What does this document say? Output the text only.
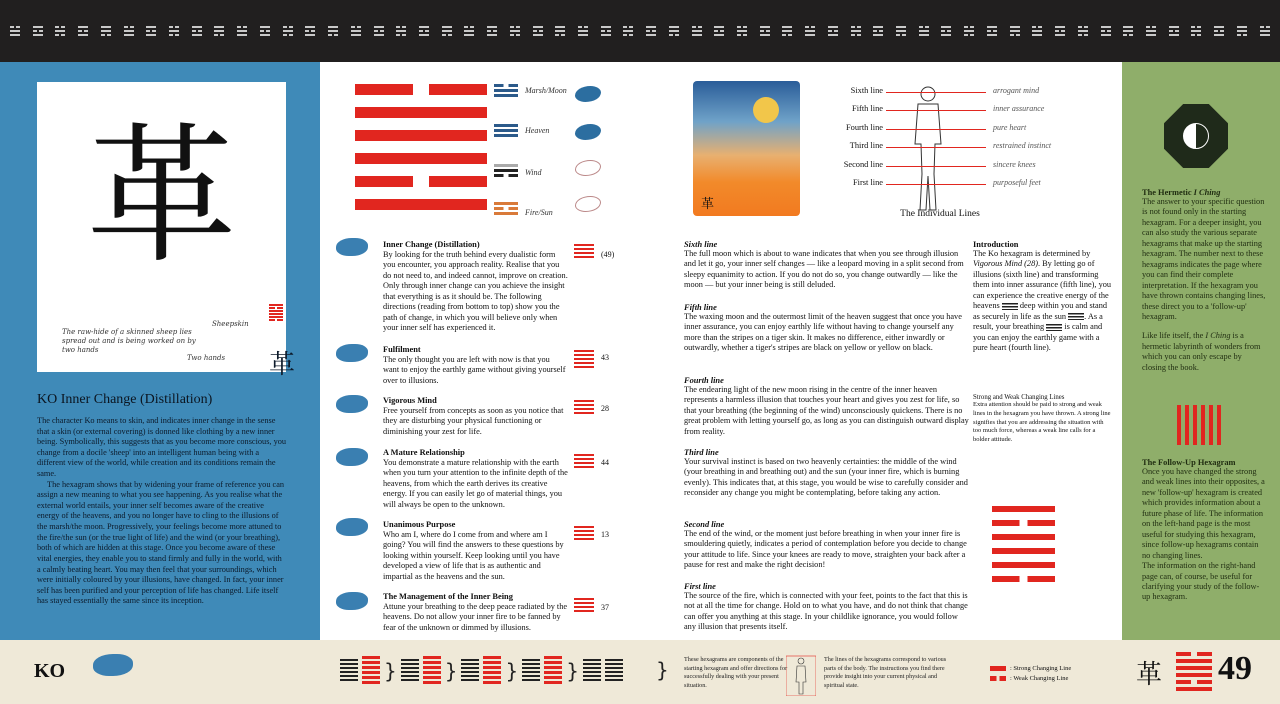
革
Sheepskin
The raw-hide of a skinned sheep lies spread out and is being worked on by two hands
Two hands 革
KO Inner Change (Distillation)

The character Ko means to skin, and indicates inner change in the sense that a skin (or external covering) is donned like clothing by a new inner being. Symbolically, this suggests that as you become more conscious, you change from a docile 'sheep' into an intelligent human being with a different view of the world, while creation and its conditions remain the same.

The hexagram shows that by widening your frame of reference you can assign a new meaning to what you see happening. As you realise what the external world entails, your inner self becomes aware of the creative energy of the heavens, and you no longer have to cling to the illusions of the marsh/the moon. Progressively, your feelings become more attuned to the fire/the sun (or the true light of life) and the wind (or your breathing), both of which are hidden at this stage. Once you become aware of these vital energies, they enable you to stand firmly and fully in the world, with a calmly beating heart. You may then feel that your surroundings, which were initially coloured by your illusions, have changed. In fact, your inner self has been purified and your perception of life has changed. Life itself has stayed essentially the same since its inception.

Marsh/Moon
Heaven
Wind
Fire/Sun
Inner Change (Distillation)

By looking for the truth behind every dualistic form you encounter, you approach reality. Realise that you do not need to, and indeed cannot, improve on creation. Only through inner change can you achieve the insight that everything is as it should be. The following directions (reading from bottom to top) show you the path of change, in which you will believe only when your inner self has experienced it.

(49)
Fulfilment

The only thought you are left with now is that you want to enjoy the earthly game without giving yourself over to illusions.

43
Vigorous Mind

Free yourself from concepts as soon as you notice that they are disturbing your physical functioning or diminishing your zest for life.

28
A Mature Relationship

You demonstrate a mature relationship with the earth when you turn your attention to the infinite depth of the heavens, from which the earth derives its creative energy. If you can easily let go of material things, you will always be open to the unknown.

44
Unanimous Purpose

Who am I, where do I come from and where am I going? You will find the answers to these questions by looking within yourself. Keep looking until you have developed a view of life that is as authentic and impartial as the heavens and the sun.

13
The Management of the Inner Being

Attune your breathing to the deep peace radiated by the heavens. Do not allow your inner fire to be fanned by fear of the unknown or dimmed by illusions.

37
革
Sixth line	arrogant mind
Fifth line	inner assurance
Fourth line	pure heart
Third line	restrained instinct
Second line	sincere knees
First line	purposeful feet
The Individual Lines
Sixth line

The full moon which is about to wane indicates that when you see through illusion and let it go, your inner self changes — like a leopard moving in a split second from sleepy equanimity to action. If you do not do so, you change outwardly — like the moon — but your inner being is still deluded.

Fifth line

The waxing moon and the outermost limit of the heaven suggest that once you have inner assurance, you can enjoy earthly life without having to change yourself any more than the stripes on a tiger skin. It makes no difference, either inwardly or outwardly, whether a tiger's stripes are black on yellow or yellow on black.

Fourth line

The endearing light of the new moon rising in the centre of the inner heaven represents a harmless illusion that touches your heart and gives you zest for life, so that your breathing (the beginning of the wind) unconsciously quickens. There is no great problem with letting yourself go, as long as you can distinguish outward display from reality.

Third line

Your survival instinct is based on two heavenly certainties: the middle of the wind (your breathing in and breathing out) and the sun (your inner fire, which is burning evenly). This indicates that, at this stage, you would be wise to carefully consider and reconsider any change you might be contemplating, before taking any action.

Second line

The end of the wind, or the moment just before breathing in when your inner fire is smouldering quietly, indicates a period of contemplation before you decide to change your attitude to life. Since your knees are ready to move, straighten your back after a pause for rest and make the right decision!

First line

The source of the fire, which is connected with your feet, points to the fact that this is not at all the time for change. Hold on to what you have, and do not think that change can offer you anything at this stage. In your childlike ignorance, you would follow any illusion that presents itself.

Introduction

The Ko hexagram is determined by Vigorous Mind (28). By letting go of illusions (sixth line) and transforming them into inner assurance (fifth line), you can experience the creative energy of the heavens  deep within you and stand as securely in life as the sun . As a result, your breathing  is calm and you can enjoy the earthly game with a pure heart (fourth line).

Strong and Weak Changing Lines

Extra attention should be paid to strong and weak lines in the hexagram you have thrown. A strong line signifies that you are addressing the situation with too much force, whereas a weak line calls for a bolder attitude.

The Hermetic I Ching

The answer to your specific question is not found only in the starting hexagram. For a deeper insight, you can also study the various separate hexagrams that make up the starting hexagram. The number next to these hexagrams indicates the page where you can find their complete interpretation. If the hexagram you have thrown contains changing lines, these direct you to a 'follow-up' hexagram.

Like life itself, the I Ching is a hermetic labyrinth of wonders from which you can only escape by closing the book.

The Follow-Up Hexagram

Once you have changed the strong and weak lines into their opposites, a new 'follow-up' hexagram is created which provides information about a future phase of life. The information on the left-hand page is the most useful for studying this hexagram, since follow-up hexagrams contain no changing lines.

The information on the right-hand page can, of course, be useful for clarifying your study of the follow-up hexagram.

KO	} } } }	} These hexagrams are components of the starting hexagram and offer directions for successfully dealing with your present situation.
The lines of the hexagrams correspond to various parts of the body. The instructions you find there provide insight into your current physical and spiritual state.
: Strong Changing Line
: Weak Changing Line	革 49
